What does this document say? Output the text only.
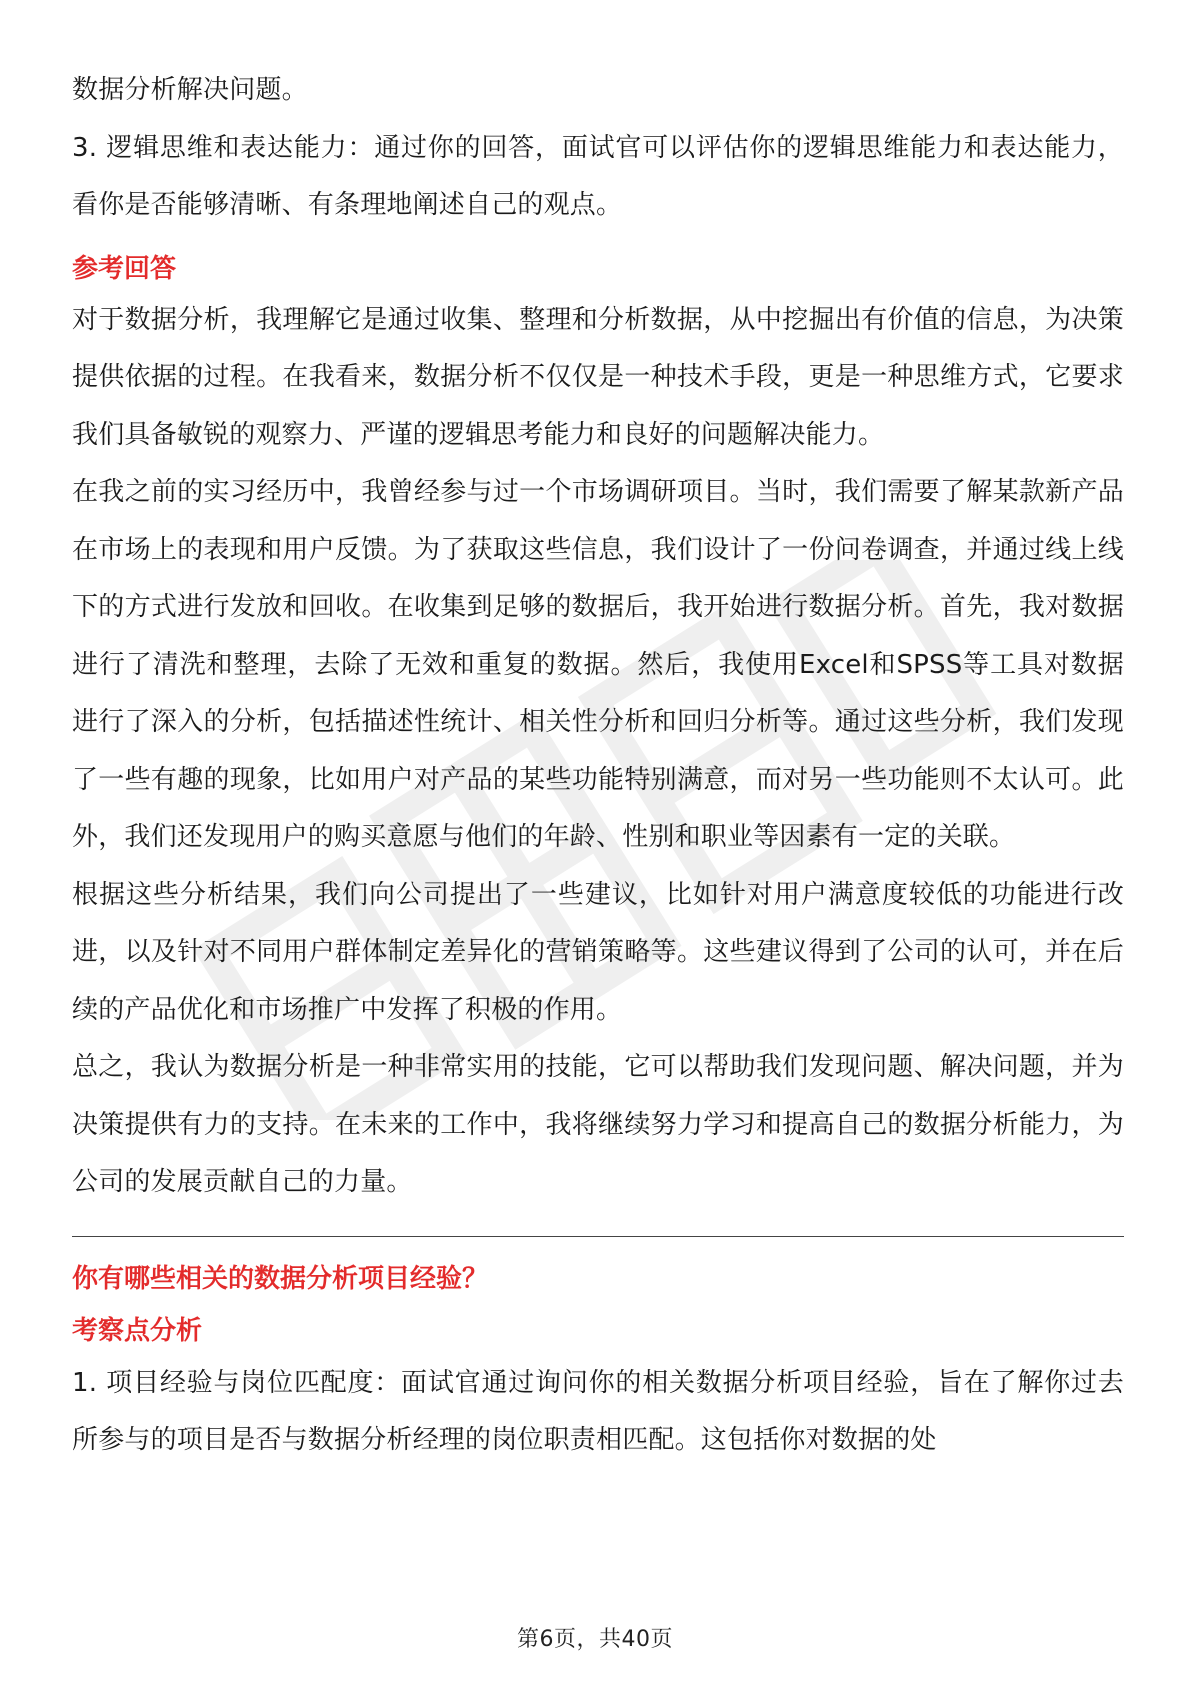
数据分析解决问题。

3. 逻辑思维和表达能力：通过你的回答，面试官可以评估你的逻辑思维能力和表达能力，看你是否能够清晰、有条理地阐述自己的观点。

参考回答

对于数据分析，我理解它是通过收集、整理和分析数据，从中挖掘出有价值的信息，为决策提供依据的过程。在我看来，数据分析不仅仅是一种技术手段，更是一种思维方式，它要求我们具备敏锐的观察力、严谨的逻辑思考能力和良好的问题解决能力。

在我之前的实习经历中，我曾经参与过一个市场调研项目。当时，我们需要了解某款新产品在市场上的表现和用户反馈。为了获取这些信息，我们设计了一份问卷调查，并通过线上线下的方式进行发放和回收。在收集到足够的数据后，我开始进行数据分析。首先，我对数据进行了清洗和整理，去除了无效和重复的数据。然后，我使用Excel和SPSS等工具对数据进行了深入的分析，包括描述性统计、相关性分析和回归分析等。通过这些分析，我们发现了一些有趣的现象，比如用户对产品的某些功能特别满意，而对另一些功能则不太认可。此外，我们还发现用户的购买意愿与他们的年龄、性别和职业等因素有一定的关联。

根据这些分析结果，我们向公司提出了一些建议，比如针对用户满意度较低的功能进行改进，以及针对不同用户群体制定差异化的营销策略等。这些建议得到了公司的认可，并在后续的产品优化和市场推广中发挥了积极的作用。

总之，我认为数据分析是一种非常实用的技能，它可以帮助我们发现问题、解决问题，并为决策提供有力的支持。在未来的工作中，我将继续努力学习和提高自己的数据分析能力，为公司的发展贡献自己的力量。

你有哪些相关的数据分析项目经验？
考察点分析

1. 项目经验与岗位匹配度：面试官通过询问你的相关数据分析项目经验，旨在了解你过去所参与的项目是否与数据分析经理的岗位职责相匹配。这包括你对数据的处

第6页，共40页
